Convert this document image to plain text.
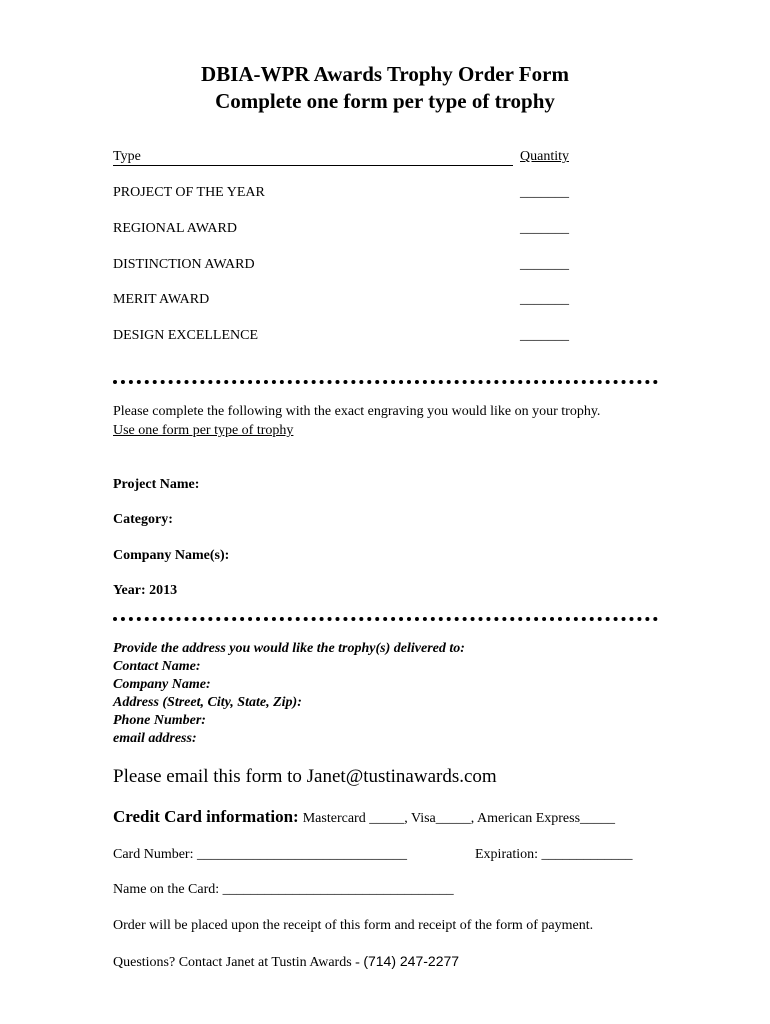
DBIA-WPR Awards Trophy Order Form
Complete one form per type of trophy
Type	Quantity
PROJECT OF THE YEAR	_______
REGIONAL AWARD	_______
DISTINCTION AWARD	_______
MERIT AWARD	_______
DESIGN EXCELLENCE	_______
Please complete the following with the exact engraving you would like on your trophy.
Use one form per type of trophy
Project Name:
Category:
Company Name(s):
Year: 2013
Provide the address you would like the trophy(s) delivered to:
Contact Name:
Company Name:
Address (Street, City, State, Zip):
Phone Number:
email address:
Please email this form to Janet@tustinawards.com
Credit Card information: Mastercard _____, Visa_____, American Express_____
Card Number: ______________________________	Expiration: _____________
Name on the Card: _________________________________
Order will be placed upon the receipt of this form and receipt of the form of payment.
Questions? Contact Janet at Tustin Awards - (714) 247-2277
